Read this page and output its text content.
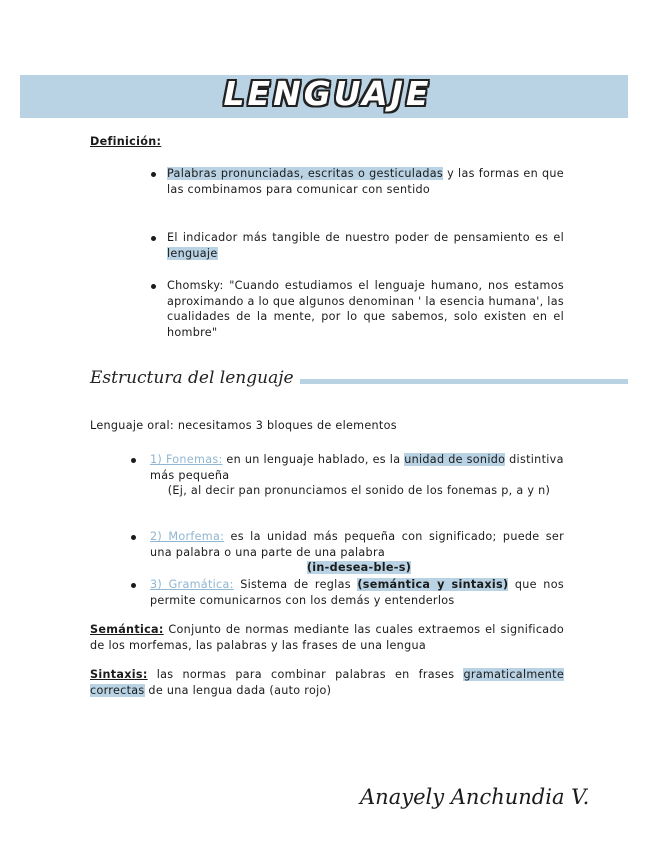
LENGUAJE
Definición:
Palabras pronunciadas, escritas o gesticuladas y las formas en que las combinamos para comunicar con sentido
El indicador más tangible de nuestro poder de pensamiento es el lenguaje
Chomsky: "Cuando estudiamos el lenguaje humano, nos estamos aproximando a lo que algunos denominan ' la esencia humana', las cualidades de la mente, por lo que sabemos, solo existen en el hombre"
Estructura del lenguaje
Lenguaje oral: necesitamos 3 bloques de elementos
1) Fonemas: en un lenguaje hablado, es la unidad de sonido distintiva más pequeña
(Ej, al decir pan pronunciamos el sonido de los fonemas p, a y n)
2) Morfema: es la unidad más pequeña con significado; puede ser una palabra o una parte de una palabra
(in-desea-ble-s)
3) Gramática: Sistema de reglas (semántica y sintaxis) que nos permite comunicarnos con los demás y entenderlos
Semántica: Conjunto de normas mediante las cuales extraemos el significado de los morfemas, las palabras y las frases de una lengua
Sintaxis: las normas para combinar palabras en frases gramaticalmente correctas de una lengua dada (auto rojo)
Anayely Anchundia V.
